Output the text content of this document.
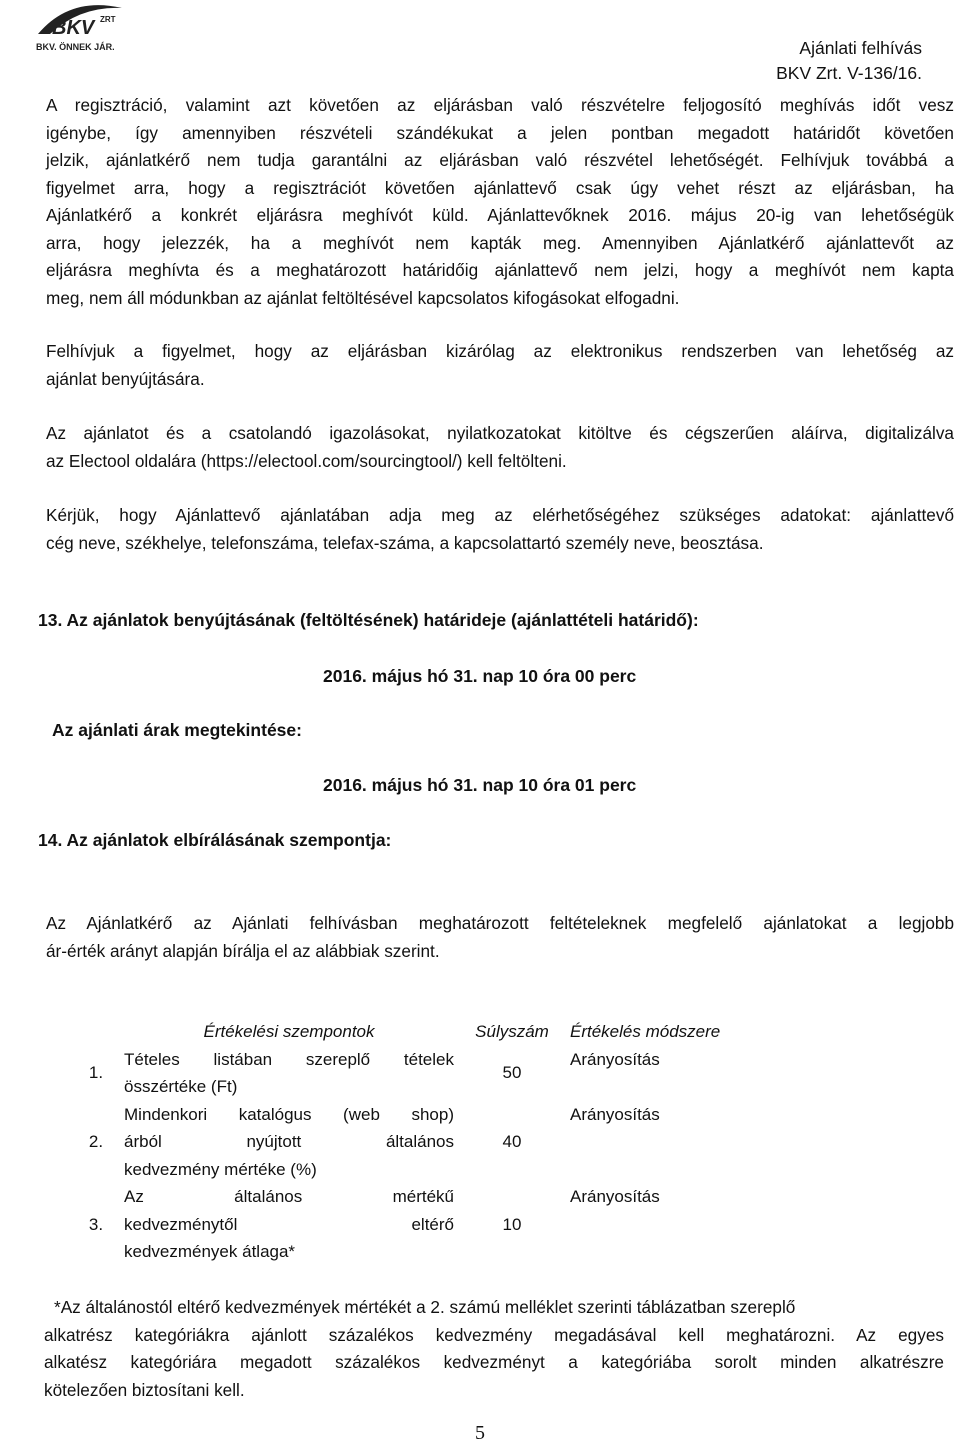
BKV ZRT
BKV. ÖNNEK JÁR.	Ajánlati felhívás
BKV Zrt. V-136/16.
A regisztráció, valamint azt követően az eljárásban való részvételre feljogosító meghívás időt vesz
igénybe, így amennyiben részvételi szándékukat a jelen pontban megadott határidőt követően
jelzik, ajánlatkérő nem tudja garantálni az eljárásban való részvétel lehetőségét. Felhívjuk továbbá a
figyelmet arra, hogy a regisztrációt követően ajánlattevő csak úgy vehet részt az eljárásban, ha
Ajánlatkérő a konkrét eljárásra meghívót küld. Ajánlattevőknek 2016. május 20-ig van lehetőségük
arra, hogy jelezzék, ha a meghívót nem kapták meg. Amennyiben Ajánlatkérő ajánlattevőt az
eljárásra meghívta és a meghatározott határidőig ajánlattevő nem jelzi, hogy a meghívót nem kapta
meg, nem áll módunkban az ajánlat feltöltésével kapcsolatos kifogásokat elfogadni.
Felhívjuk a figyelmet, hogy az eljárásban kizárólag az elektronikus rendszerben van lehetőség az
ajánlat benyújtására.
Az ajánlatot és a csatolandó igazolásokat, nyilatkozatokat kitöltve és cégszerűen aláírva, digitalizálva
az Electool oldalára (https://electool.com/sourcingtool/) kell feltölteni.
Kérjük, hogy Ajánlattevő ajánlatában adja meg az elérhetőségéhez szükséges adatokat: ajánlattevő
cég neve, székhelye, telefonszáma, telefax-száma, a kapcsolattartó személy neve, beosztása.
13. Az ajánlatok benyújtásának (feltöltésének) határideje (ajánlattételi határidő):
2016. május hó 31. nap 10 óra 00 perc
Az ajánlati árak megtekintése:
2016. május hó 31. nap 10 óra 01 perc
14. Az ajánlatok elbírálásának szempontja:
Az Ajánlatkérő az Ajánlati felhívásban meghatározott feltételeknek megfelelő ajánlatokat a legjobb
ár-érték arányt alapján bírálja el az alábbiak szerint.
	Értékelési szempontok	Súlyszám	Értékelés módszere
1.	Tételes listában szereplő tételek
összértéke (Ft)	50	Arányosítás
2.	Mindenkori katalógus (web shop)
árból nyújtott általános
kedvezmény mértéke (%)	40	Arányosítás
3.	Az általános mértékű
kedvezménytől eltérő
kedvezmények átlaga*	10	Arányosítás
*Az általánostól eltérő kedvezmények mértékét a 2. számú melléklet szerinti táblázatban szereplő
alkatrész kategóriákra ajánlott százalékos kedvezmény megadásával kell meghatározni. Az egyes
alkatész kategóriára megadott százalékos kedvezményt a kategóriába sorolt minden alkatrészre
kötelezően biztosítani kell.
5
